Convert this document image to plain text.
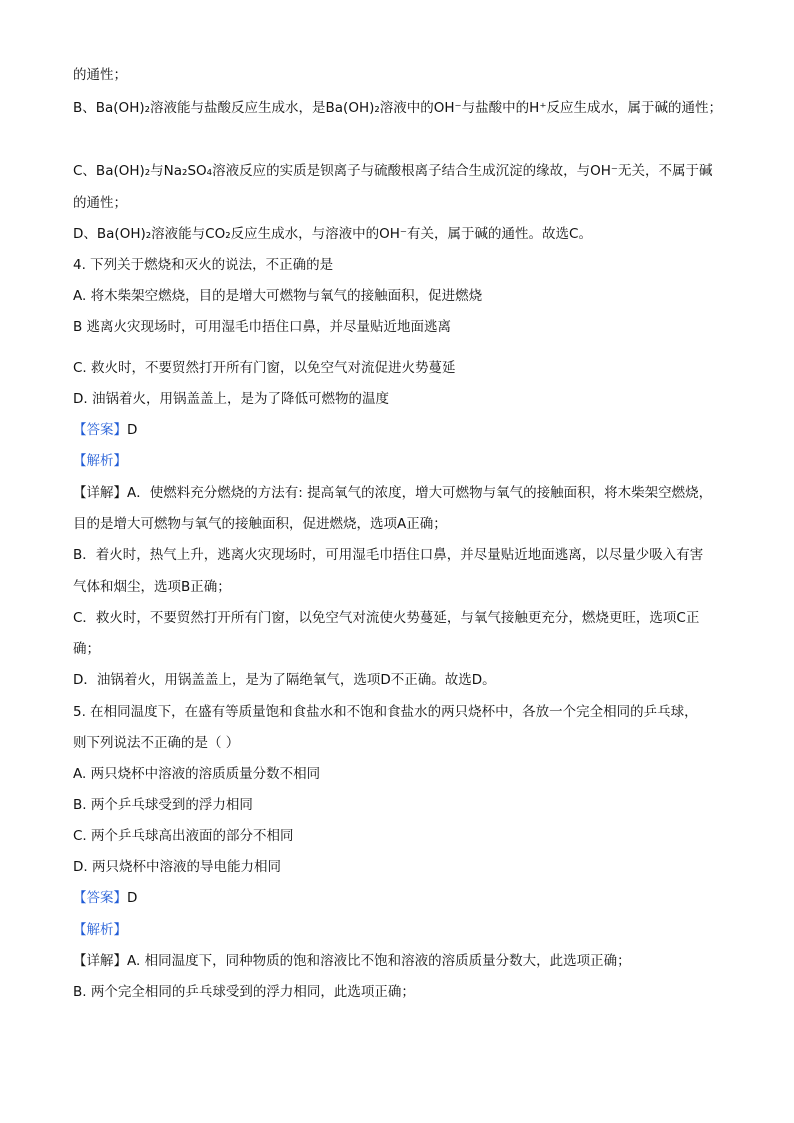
的通性；
B、Ba(OH)₂溶液能与盐酸反应生成水，是Ba(OH)₂溶液中的OH⁻与盐酸中的H⁺反应生成水，属于碱的通性；
C、Ba(OH)₂与Na₂SO₄溶液反应的实质是钡离子与硫酸根离子结合生成沉淀的缘故，与OH⁻无关，不属于碱
的通性；
D、Ba(OH)₂溶液能与CO₂反应生成水，与溶液中的OH⁻有关，属于碱的通性。故选C。
4. 下列关于燃烧和灭火的说法，不正确的是
A. 将木柴架空燃烧，目的是增大可燃物与氧气的接触面积，促进燃烧
B 逃离火灾现场时，可用湿毛巾捂住口鼻，并尽量贴近地面逃离
C. 救火时，不要贸然打开所有门窗，以免空气对流促进火势蔓延
D. 油锅着火，用锅盖盖上，是为了降低可燃物的温度
【答案】D
【解析】
【详解】A．使燃料充分燃烧的方法有: 提高氧气的浓度，增大可燃物与氧气的接触面积，将木柴架空燃烧，
目的是增大可燃物与氧气的接触面积，促进燃烧，选项A正确；
B．着火时，热气上升，逃离火灾现场时，可用湿毛巾捂住口鼻，并尽量贴近地面逃离，以尽量少吸入有害
气体和烟尘，选项B正确；
C．救火时，不要贸然打开所有门窗，以免空气对流使火势蔓延，与氧气接触更充分，燃烧更旺，选项C正
确；
D．油锅着火，用锅盖盖上，是为了隔绝氧气，选项D不正确。故选D。
5. 在相同温度下，在盛有等质量饱和食盐水和不饱和食盐水的两只烧杯中，各放一个完全相同的乒乓球，
则下列说法不正确的是（ ）
A. 两只烧杯中溶液的溶质质量分数不相同
B. 两个乒乓球受到的浮力相同
C. 两个乒乓球高出液面的部分不相同
D. 两只烧杯中溶液的导电能力相同
【答案】D
【解析】
【详解】A. 相同温度下，同种物质的饱和溶液比不饱和溶液的溶质质量分数大，此选项正确；
B. 两个完全相同的乒乓球受到的浮力相同，此选项正确；
